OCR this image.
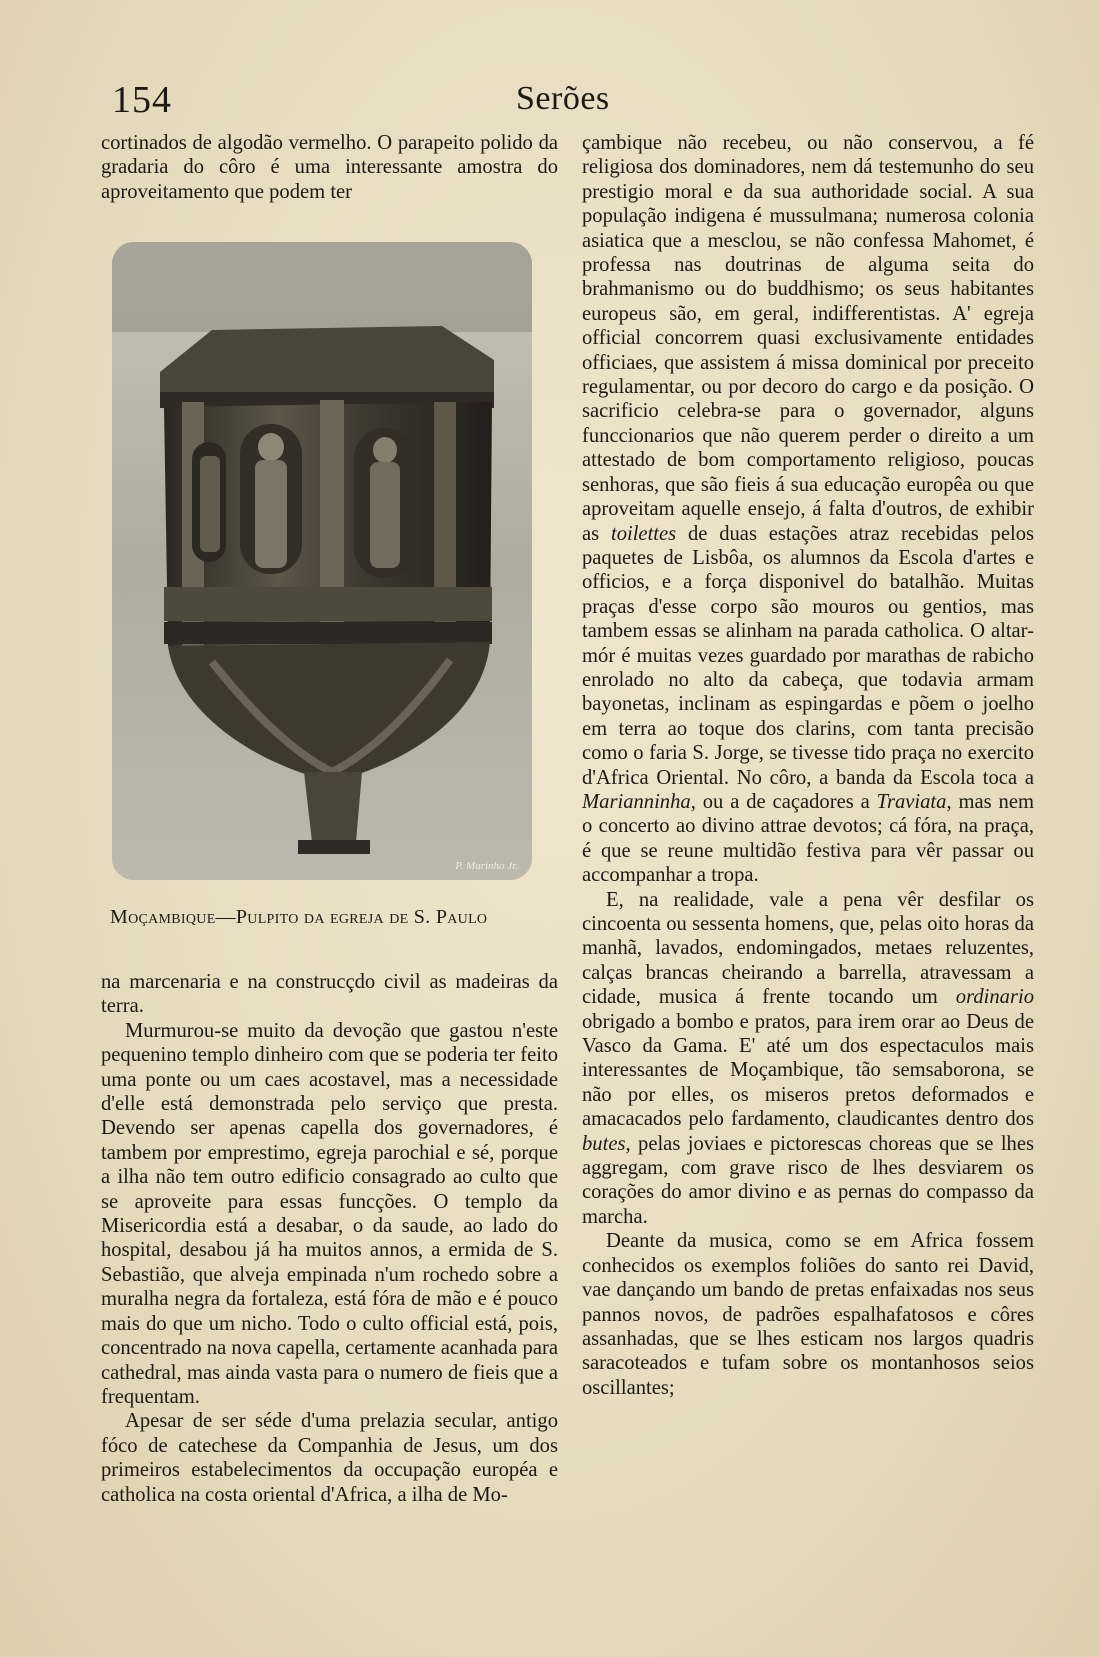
154	Serões

cortinados de algodão vermelho. O parapeito polido da gradaria do côro é uma interessante amostra do aproveitamento que podem ter

P. Marinho Jr.
Moçambique—Pulpito da egreja de S. Paulo

na marcenaria e na construcçdo civil as madeiras da terra.

Murmurou-se muito da devoção que gastou n'este pequenino templo dinheiro com que se poderia ter feito uma ponte ou um caes acostavel, mas a necessidade d'elle está demonstrada pelo serviço que presta. Devendo ser apenas capella dos governadores, é tambem por emprestimo, egreja parochial e sé, porque a ilha não tem outro edificio consagrado ao culto que se aproveite para essas funcções. O templo da Misericordia está a desabar, o da saude, ao lado do hospital, desabou já ha muitos annos, a ermida de S. Sebastião, que alveja empinada n'um rochedo sobre a muralha negra da fortaleza, está fóra de mão e é pouco mais do que um nicho. Todo o culto official está, pois, concentrado na nova capella, certamente acanhada para cathedral, mas ainda vasta para o numero de fieis que a frequentam.

Apesar de ser séde d'uma prelazia secular, antigo fóco de catechese da Companhia de Jesus, um dos primeiros estabelecimentos da occupação européa e catholica na costa oriental d'Africa, a ilha de Mo-

çambique não recebeu, ou não conservou, a fé religiosa dos dominadores, nem dá testemunho do seu prestigio moral e da sua authoridade social. A sua população indigena é mussulmana; numerosa colonia asiatica que a mesclou, se não confessa Mahomet, é professa nas doutrinas de alguma seita do brahmanismo ou do buddhismo; os seus habitantes europeus são, em geral, indifferentistas. A' egreja official concorrem quasi exclusivamente entidades officiaes, que assistem á missa dominical por preceito regulamentar, ou por decoro do cargo e da posição. O sacrificio celebra-se para o governador, alguns funccionarios que não querem perder o direito a um attestado de bom comportamento religioso, poucas senhoras, que são fieis á sua educação europêa ou que aproveitam aquelle ensejo, á falta d'outros, de exhibir as toilettes de duas estações atraz recebidas pelos paquetes de Lisbôa, os alumnos da Escola d'artes e officios, e a força disponivel do batalhão. Muitas praças d'esse corpo são mouros ou gentios, mas tambem essas se alinham na parada catholica. O altar-mór é muitas vezes guardado por marathas de rabicho enrolado no alto da cabeça, que todavia armam bayonetas, inclinam as espingardas e põem o joelho em terra ao toque dos clarins, com tanta precisão como o faria S. Jorge, se tivesse tido praça no exercito d'Africa Oriental. No côro, a banda da Escola toca a Marianninha, ou a de caçadores a Traviata, mas nem o concerto ao divino attrae devotos; cá fóra, na praça, é que se reune multidão festiva para vêr passar ou accompanhar a tropa.

E, na realidade, vale a pena vêr desfilar os cincoenta ou sessenta homens, que, pelas oito horas da manhã, lavados, endomingados, metaes reluzentes, calças brancas cheirando a barrella, atravessam a cidade, musica á frente tocando um ordinario obrigado a bombo e pratos, para irem orar ao Deus de Vasco da Gama. E' até um dos espectaculos mais interessantes de Moçambique, tão semsaborona, se não por elles, os miseros pretos deformados e amacacados pelo fardamento, claudicantes dentro dos butes, pelas joviaes e pictorescas choreas que se lhes aggregam, com grave risco de lhes desviarem os corações do amor divino e as pernas do compasso da marcha.

Deante da musica, como se em Africa fossem conhecidos os exemplos foliões do santo rei David, vae dançando um bando de pretas enfaixadas nos seus pannos novos, de padrões espalhafatosos e côres assanhadas, que se lhes esticam nos largos quadris saracoteados e tufam sobre os montanhosos seios oscillantes;
